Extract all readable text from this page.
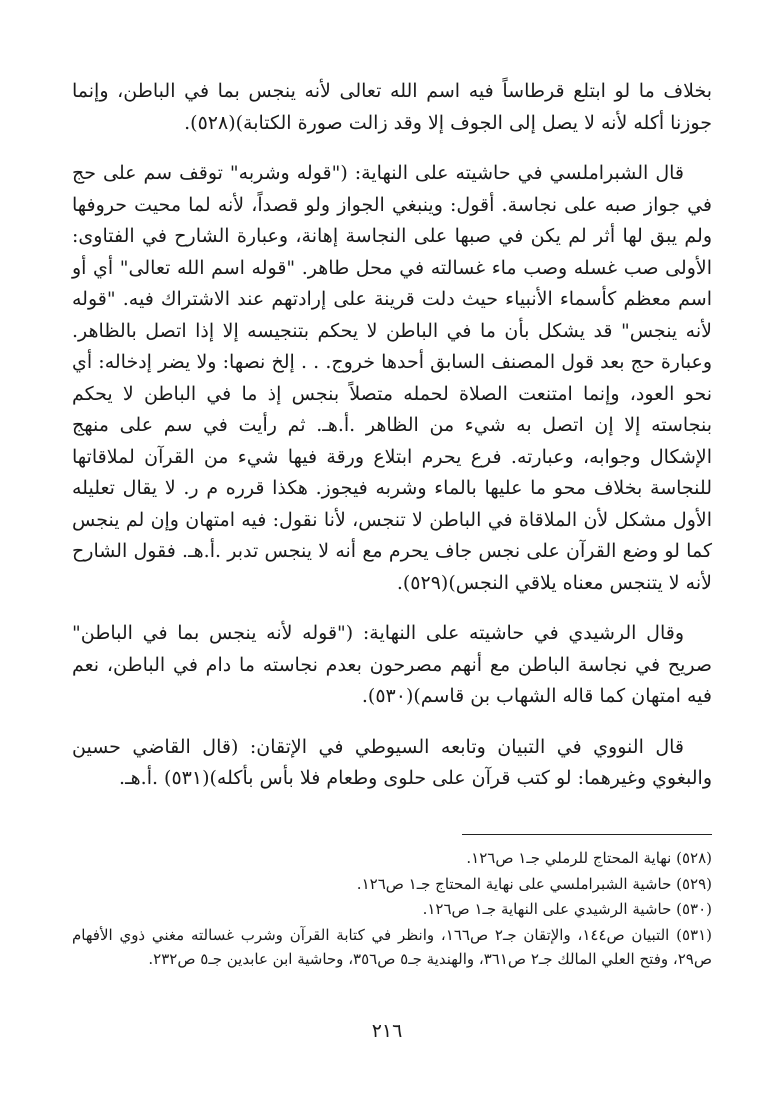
بخلاف ما لو ابتلع قرطاساً فيه اسم الله تعالى لأنه ينجس بما في الباطن، وإنما جوزنا أكله لأنه لا يصل إلى الجوف إلا وقد زالت صورة الكتابة)(٥٢٨).

قال الشبراملسي في حاشيته على النهاية: ("قوله وشربه" توقف سم على حج في جواز صبه على نجاسة. أقول: وينبغي الجواز ولو قصداً، لأنه لما محيت حروفها ولم يبق لها أثر لم يكن في صبها على النجاسة إهانة، وعبارة الشارح في الفتاوى: الأولى صب غسله وصب ماء غسالته في محل طاهر. "قوله اسم الله تعالى" أي أو اسم معظم كأسماء الأنبياء حيث دلت قرينة على إرادتهم عند الاشتراك فيه. "قوله لأنه ينجس" قد يشكل بأن ما في الباطن لا يحكم بتنجيسه إلا إذا اتصل بالظاهر. وعبارة حج بعد قول المصنف السابق أحدها خروج. . . إلخ نصها: ولا يضر إدخاله: أي نحو العود، وإنما امتنعت الصلاة لحمله متصلاً بنجس إذ ما في الباطن لا يحكم بنجاسته إلا إن اتصل به شيء من الظاهر .أ.هـ. ثم رأيت في سم على منهج الإشكال وجوابه، وعبارته. فرع يحرم ابتلاع ورقة فيها شيء من القرآن لملاقاتها للنجاسة بخلاف محو ما عليها بالماء وشربه فيجوز. هكذا قرره م ر. لا يقال تعليله الأول مشكل لأن الملاقاة في الباطن لا تنجس، لأنا نقول: فيه امتهان وإن لم ينجس كما لو وضع القرآن على نجس جاف يحرم مع أنه لا ينجس تدبر .أ.هـ. فقول الشارح لأنه لا يتنجس معناه يلاقي النجس)(٥٢٩).

وقال الرشيدي في حاشيته على النهاية: ("قوله لأنه ينجس بما في الباطن" صريح في نجاسة الباطن مع أنهم مصرحون بعدم نجاسته ما دام في الباطن، نعم فيه امتهان كما قاله الشهاب بن قاسم)(٥٣٠).

قال النووي في التبيان وتابعه السيوطي في الإتقان: (قال القاضي حسين والبغوي وغيرهما: لو كتب قرآن على حلوى وطعام فلا بأس بأكله)(٥٣١) .أ.هـ.

(٥٢٨) نهاية المحتاج للرملي جـ١ ص١٢٦.

(٥٢٩) حاشية الشبراملسي على نهاية المحتاج جـ١ ص١٢٦.

(٥٣٠) حاشية الرشيدي على النهاية جـ١ ص١٢٦.

(٥٣١) التبيان ص١٤٤، والإتقان جـ٢ ص١٦٦، وانظر في كتابة القرآن وشرب غسالته مغني ذوي الأفهام ص٢٩، وفتح العلي المالك جـ٢ ص٣٦١، والهندية جـ٥ ص٣٥٦، وحاشية ابن عابدين جـ٥ ص٢٣٢.

٢١٦
